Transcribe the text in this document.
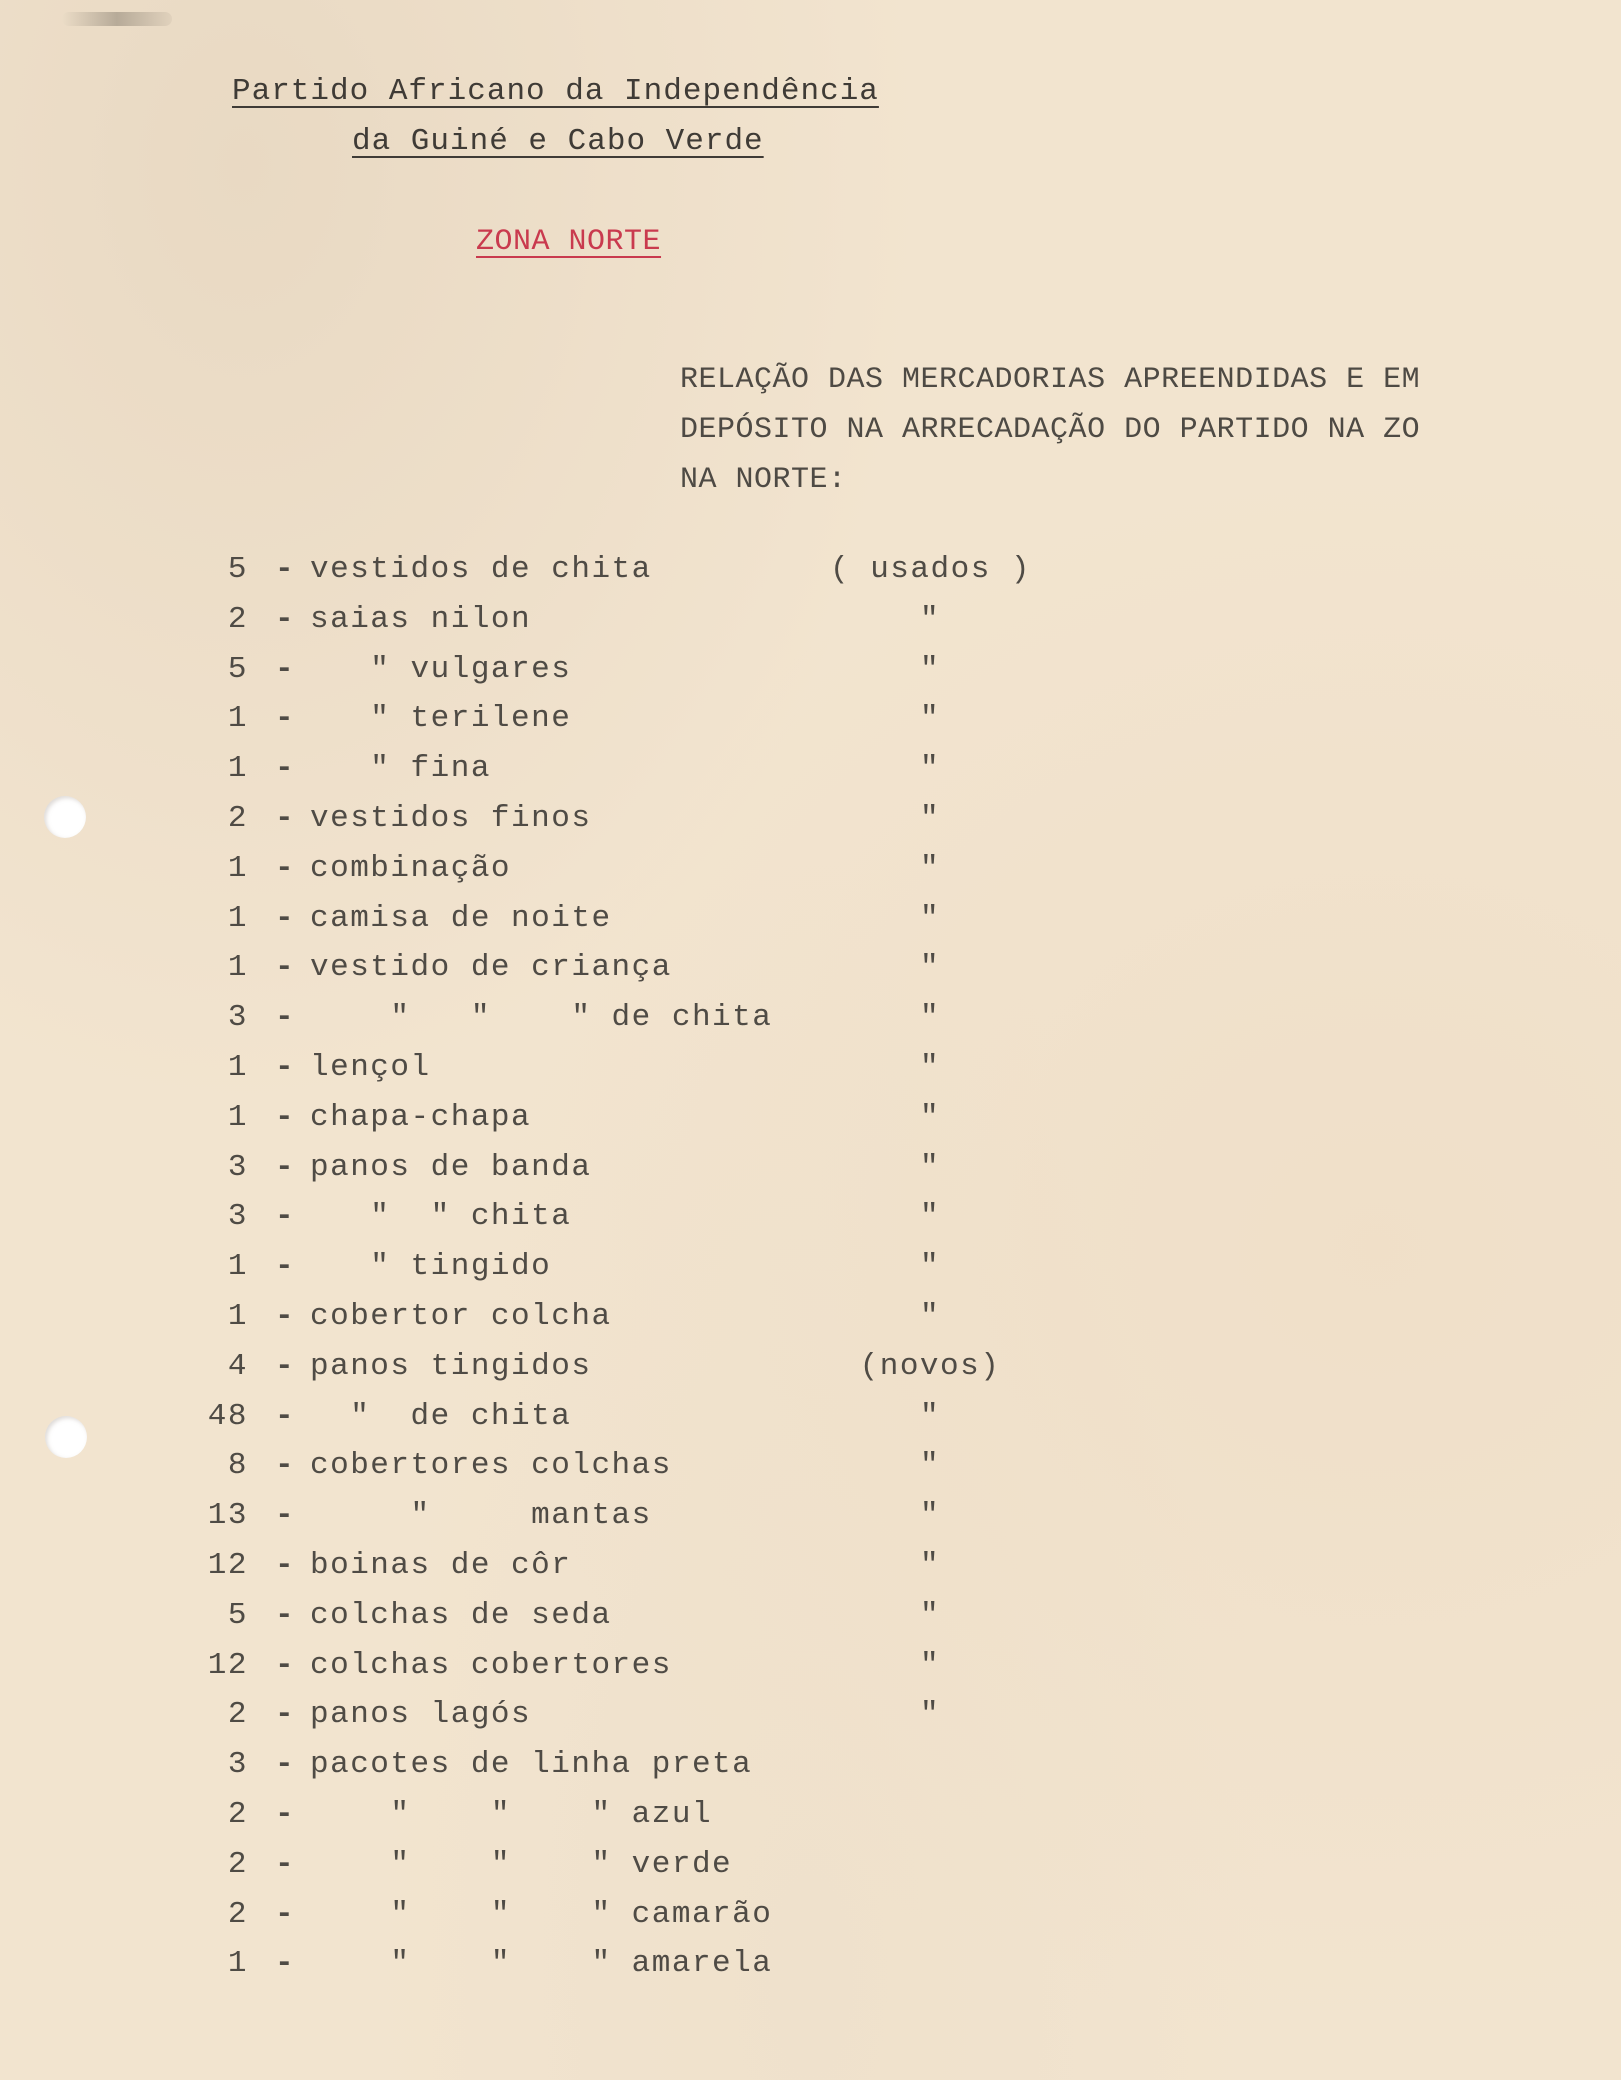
Partido Africano da Independência
da Guiné e Cabo Verde
ZONA NORTE
RELAÇÃO DAS MERCADORIAS APREENDIDAS E EM
DEPÓSITO NA ARRECADAÇÃO DO PARTIDO NA ZO
NA NORTE:
5 - vestidos de chita	( usados )
2 - saias nilon	"
5 - " vulgares	"
1 - " terilene	"
1 - " fina	"
2 - vestidos finos	"
1 - combinação	"
1 - camisa de noite	"
1 - vestido de criança	"
3 - "   "    " de chita	"
1 - lençol	"
1 - chapa-chapa	"
3 - panos de banda	"
3 - "  " chita	"
1 - " tingido	"
1 - cobertor colcha	"
4 - panos tingidos	(novos)
48 - "  de chita	"
8 - cobertores colchas	"
13 - "     mantas	"
12 - boinas de côr	"
5 - colchas de seda	"
12 - colchas cobertores	"
2 - panos lagós	"
3 - pacotes de linha preta
2 - "    "    " azul
2 - "    "    " verde
2 - "    "    " camarão
1 - "    "    " amarela
